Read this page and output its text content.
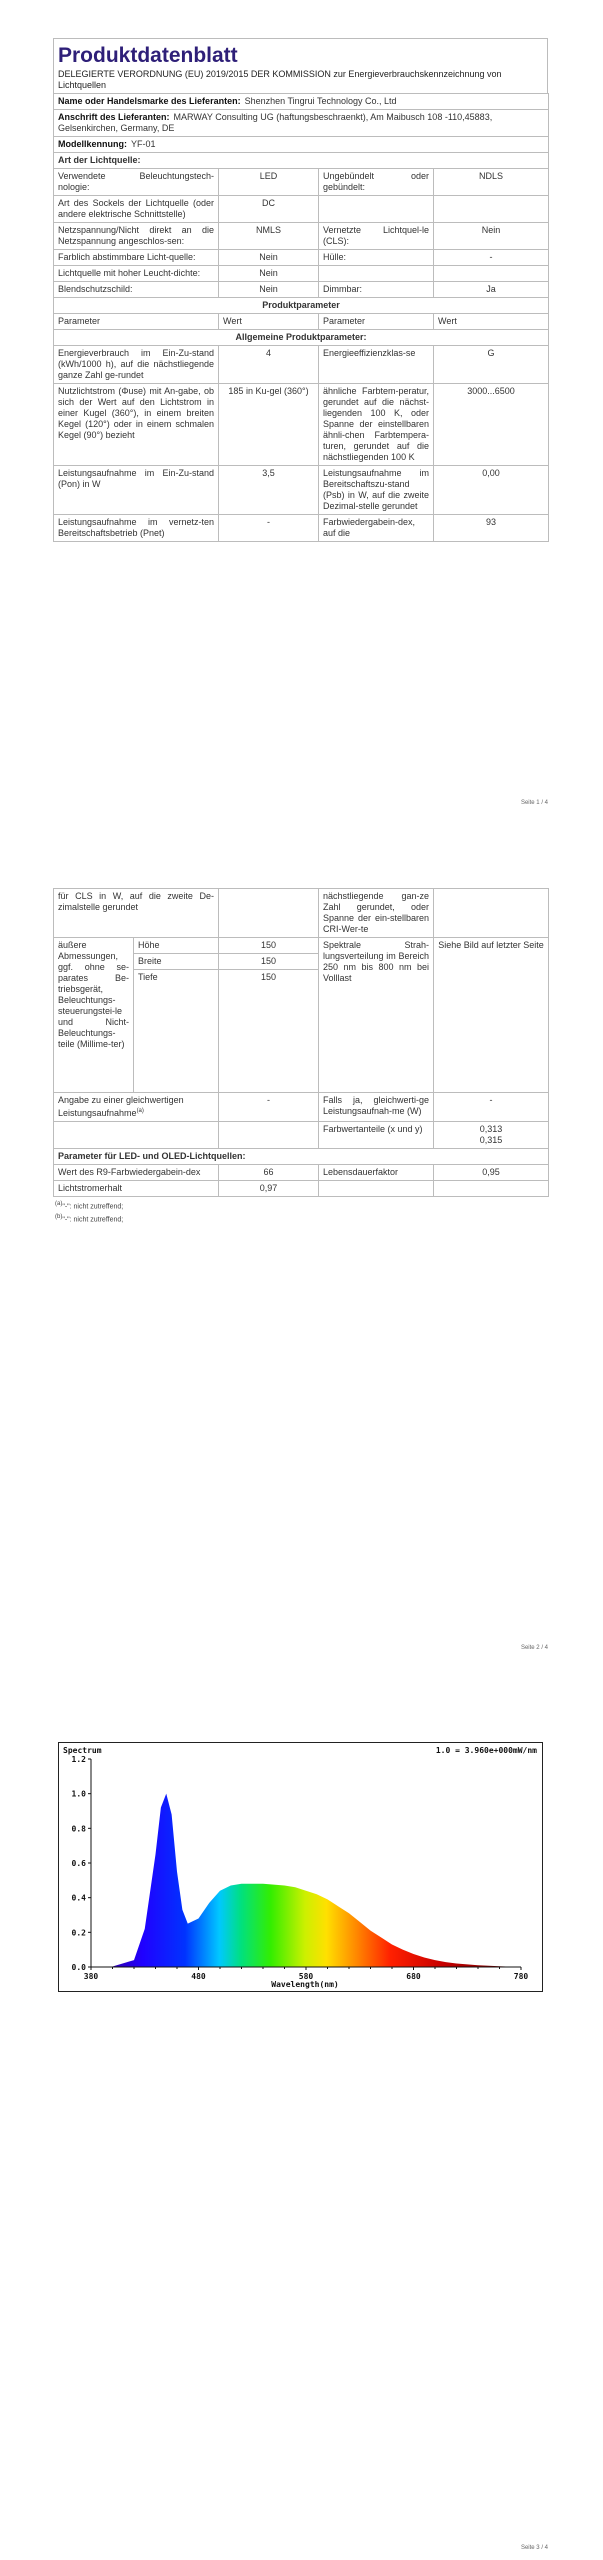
Produktdatenblatt
DELEGIERTE VERORDNUNG (EU) 2019/2015 DER KOMMISSION zur Energieverbrauchskennzeichnung von Lichtquellen
Name oder Handelsmarke des Lieferanten: Shenzhen Tingrui Technology Co., Ltd			
Anschrift des Lieferanten: MARWAY Consulting UG (haftungsbeschraenkt), Am Maibusch 108 -110,45883, Gelsenkirchen, Germany, DE			
Modellkennung: YF-01			
Art der Lichtquelle:			
Verwendete Beleuchtungstech-nologie:	LED	Ungebündelt oder gebündelt:	NDLS
Art des Sockels der Lichtquelle (oder andere elektrische Schnittstelle)	DC		
Netzspannung/Nicht direkt an die Netzspannung angeschlos-sen:	NMLS	Vernetzte Lichtquel-le (CLS):	Nein
Farblich abstimmbare Licht-quelle:	Nein	Hülle:	-
Lichtquelle mit hoher Leucht-dichte:	Nein		
Blendschutzschild:	Nein	Dimmbar:	Ja
Produktparameter			
Parameter	Wert	Parameter	Wert
Allgemeine Produktparameter:			
Energieverbrauch im Ein-Zu-stand (kWh/1000 h), auf die nächstliegende ganze Zahl ge-rundet	4	Energieeffizienzklas-se	G
Nutzlichtstrom (Φuse) mit An-gabe, ob sich der Wert auf den Lichtstrom in einer Kugel (360°), in einem breiten Kegel (120°) oder in einem schmalen Kegel (90°) bezieht	185 in Ku-gel (360°)	ähnliche Farbtem-peratur, gerundet auf die nächst-liegenden 100 K, oder Spanne der einstellbaren ähnli-chen Farbtempera-turen, gerundet auf die nächstliegenden 100 K	3000...6500
Leistungsaufnahme im Ein-Zu-stand (Pon) in W	3,5	Leistungsaufnahme im Bereitschaftszu-stand (Psb) in W, auf die zweite Dezimal-stelle gerundet	0,00
Leistungsaufnahme im vernetz-ten Bereitschaftsbetrieb (Pnet)	-	Farbwiedergabein-dex, auf die	93
Seite 1 / 4
für CLS in W, auf die zweite De-zimalstelle gerundet			nächstliegende gan-ze Zahl gerundet, oder Spanne der ein-stellbaren CRI-Wer-te	
äußere Abmessungen, ggf. ohne se-parates Be-triebsgerät, Beleuchtungs-steuerungstei-le und Nicht-Beleuchtungs-teile (Millime-ter)	Höhe	150	Spektrale Strah-lungsverteilung im Bereich 250 nm bis 800 nm bei Volllast	Siehe Bild auf letzter Seite
	Breite	150		
	Tiefe	150		
Angabe zu einer gleichwertigen Leistungsaufnahme$^{(a)}$		-	Falls ja, gleichwerti-ge Leistungsaufnah-me (W)	-
			Farbwertanteile (x und y)	0,313
0,315

Parameter für LED- und OLED-Lichtquellen:				
Wert des R9-Farbwiedergabein-dex		66	Lebensdauerfaktor	0,95
Lichtstromerhalt		0,97		
$^{(a)}$"-": nicht zutreffend;
$^{(b)}$"-": nicht zutreffend;
Seite 2 / 4
0.0
0.2
0.4
0.6
0.8
1.0
1.2
380	480	580	680	780
Spectrum	1.0 = 3.960e+000mW/nm
Wavelength(nm)
Seite 3 / 4
